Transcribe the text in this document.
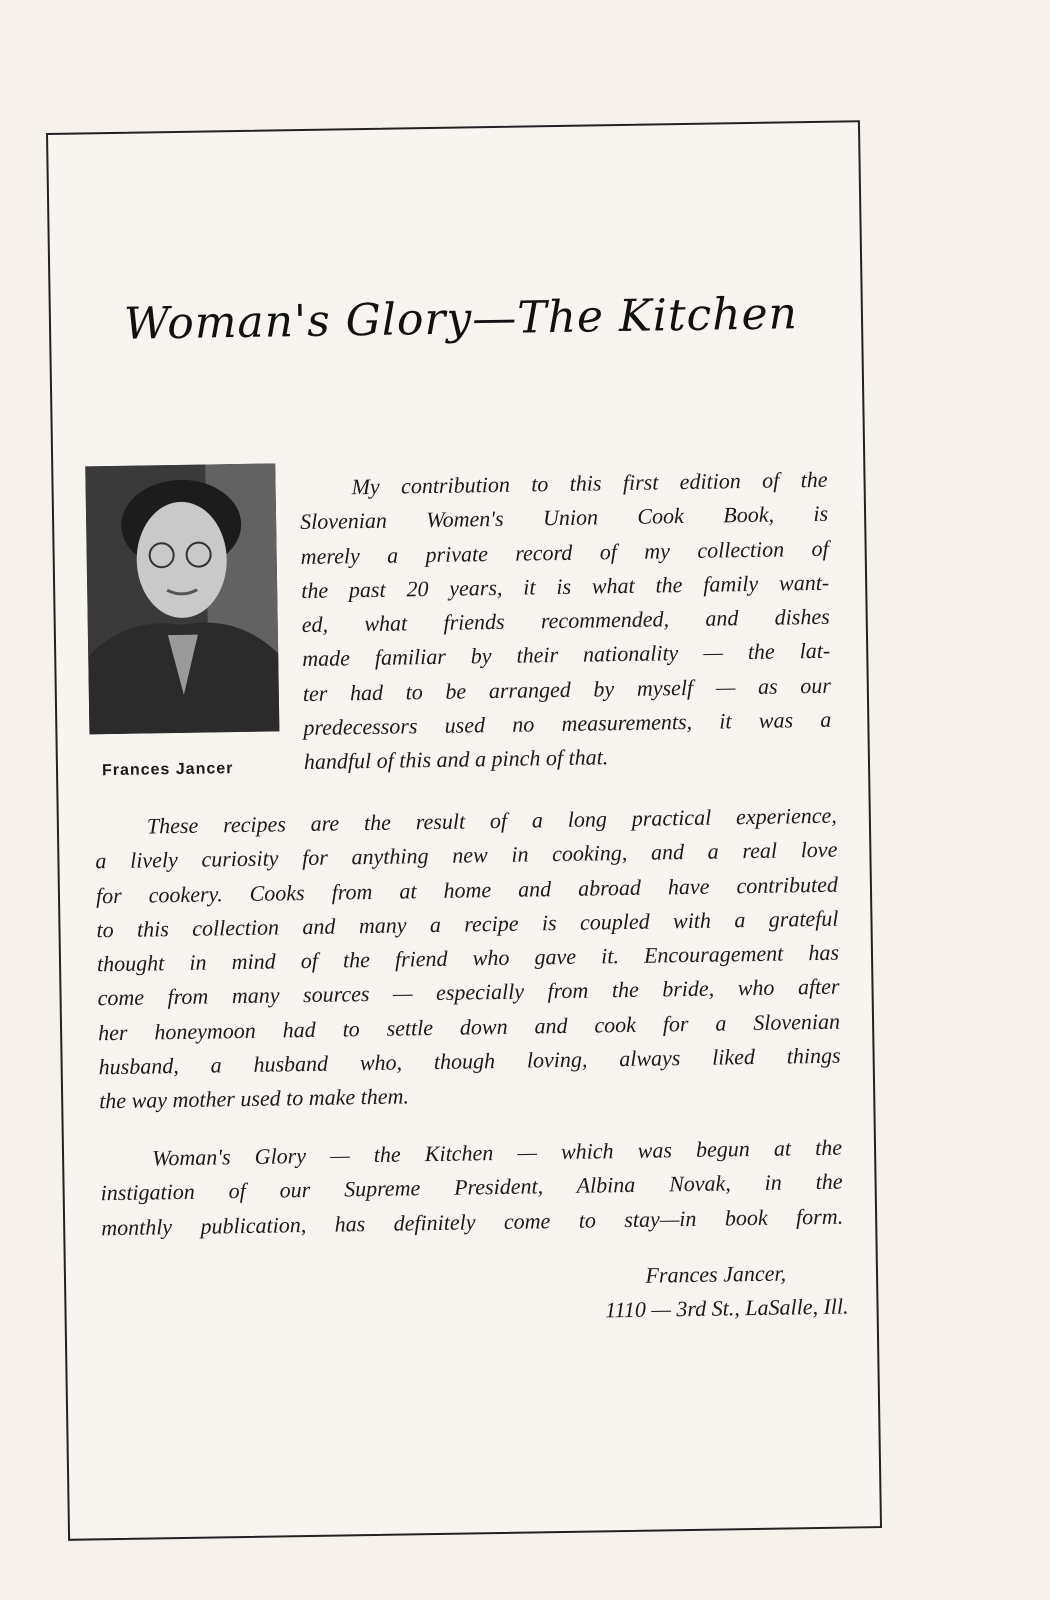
Woman's Glory—The Kitchen
Frances Jancer
My contribution to this first edition of the
Slovenian Women's Union Cook Book, is
merely a private record of my collection of
the past 20 years, it is what the family want-
ed, what friends recommended, and dishes
made familiar by their nationality — the lat-
ter had to be arranged by myself — as our
predecessors used no measurements, it was a
handful of this and a pinch of that.
These recipes are the result of a long practical experience,
a lively curiosity for anything new in cooking, and a real love
for cookery. Cooks from at home and abroad have contributed
to this collection and many a recipe is coupled with a grateful
thought in mind of the friend who gave it. Encouragement has
come from many sources — especially from the bride, who after
her honeymoon had to settle down and cook for a Slovenian
husband, a husband who, though loving, always liked things
the way mother used to make them.
Woman's Glory — the Kitchen — which was begun at the
instigation of our Supreme President, Albina Novak, in the
monthly publication, has definitely come to stay—in book form.
Frances Jancer,
1110 — 3rd St., LaSalle, Ill.
